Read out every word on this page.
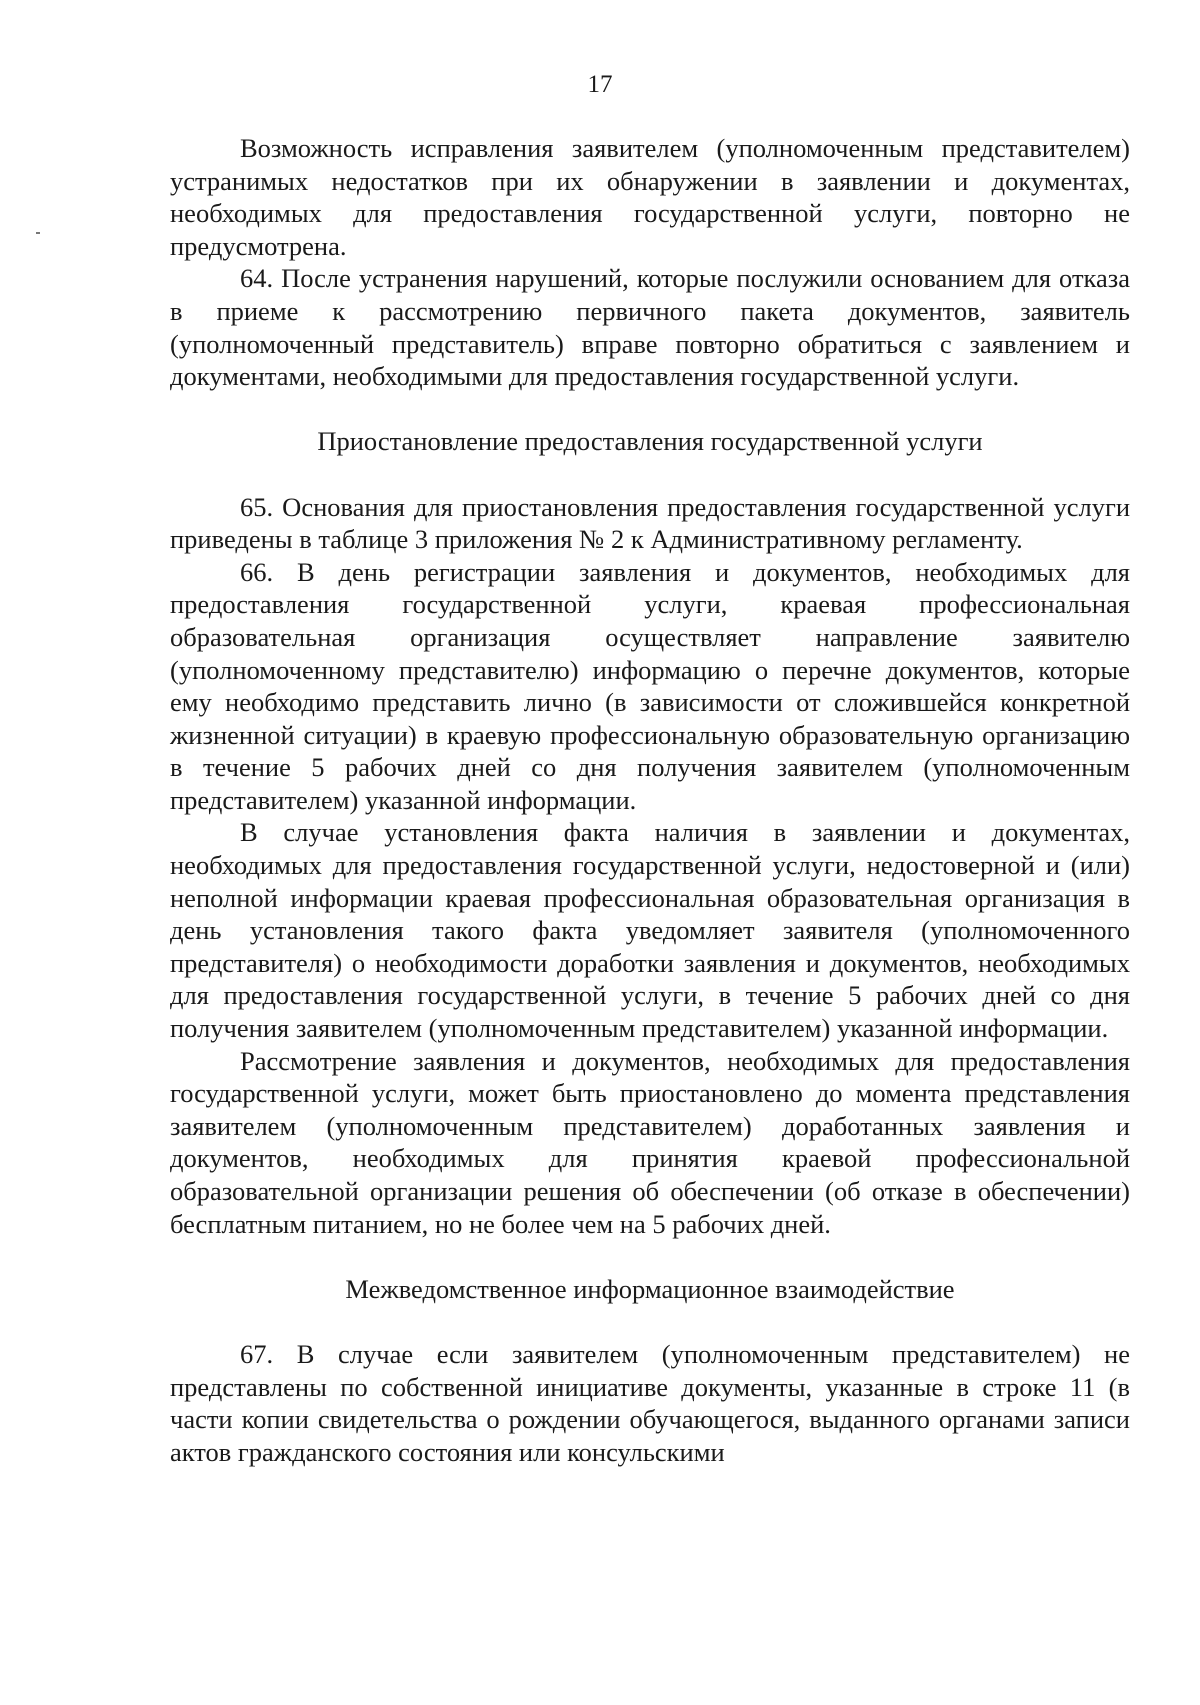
17

Возможность исправления заявителем (уполномоченным представителем) устранимых недостатков при их обнаружении в заявлении и документах, необходимых для предоставления государственной услуги, повторно не предусмотрена.

64. После устранения нарушений, которые послужили основанием для отказа в приеме к рассмотрению первичного пакета документов, заявитель (уполномоченный представитель) вправе повторно обратиться с заявлением и документами, необходимыми для предоставления государственной услуги.

Приостановление предоставления государственной услуги

65. Основания для приостановления предоставления государственной услуги приведены в таблице 3 приложения № 2 к Административному регламенту.

66. В день регистрации заявления и документов, необходимых для предоставления государственной услуги, краевая профессиональная образовательная организация осуществляет направление заявителю (уполномоченному представителю) информацию о перечне документов, которые ему необходимо представить лично (в зависимости от сложившейся конкретной жизненной ситуации) в краевую профессиональную образовательную организацию в течение 5 рабочих дней со дня получения заявителем (уполномоченным представителем) указанной информации.

В случае установления факта наличия в заявлении и документах, необходимых для предоставления государственной услуги, недостоверной и (или) неполной информации краевая профессиональная образовательная организация в день установления такого факта уведомляет заявителя (уполномоченного представителя) о необходимости доработки заявления и документов, необходимых для предоставления государственной услуги, в течение 5 рабочих дней со дня получения заявителем (уполномоченным представителем) указанной информации.

Рассмотрение заявления и документов, необходимых для предоставления государственной услуги, может быть приостановлено до момента представления заявителем (уполномоченным представителем) доработанных заявления и документов, необходимых для принятия краевой профессиональной образовательной организации решения об обеспечении (об отказе в обеспечении) бесплатным питанием, но не более чем на 5 рабочих дней.

Межведомственное информационное взаимодействие

67. В случае если заявителем (уполномоченным представителем) не представлены по собственной инициативе документы, указанные в строке 11 (в части копии свидетельства о рождении обучающегося, выданного органами записи актов гражданского состояния или консульскими
